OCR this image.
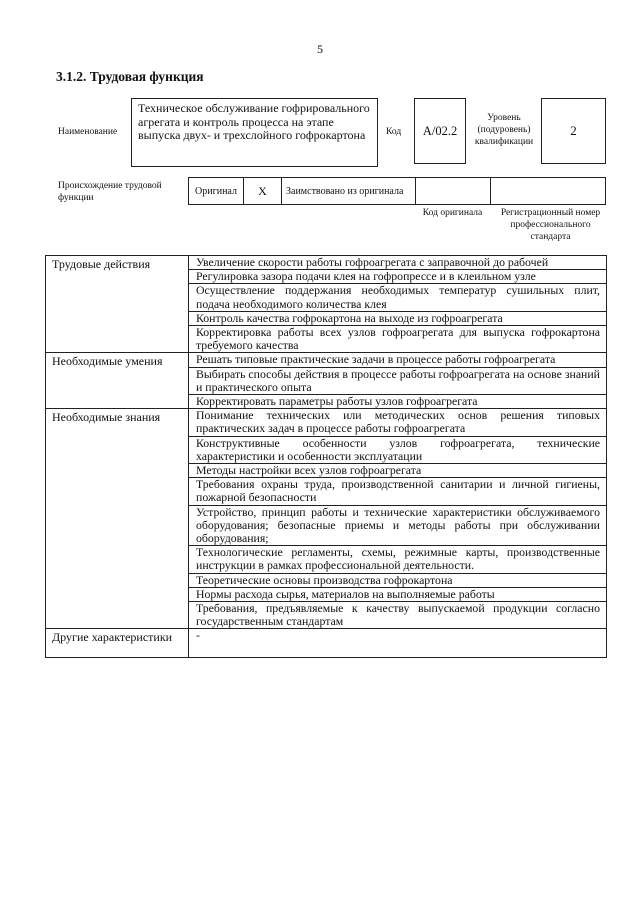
5
3.1.2. Трудовая функция
Наименование
Техническое обслуживание гофрировального агрегата и контроль процесса на этапе выпуска двух- и трехслойного гофрокартона	Код А/02.2
Уровень (подуровень) квалификации
2
Происхождение трудовой функции
Оригинал	X	Заимствовано из оригинала
Код оригинала	Регистрационный номер профессионального стандарта
Трудовые действия	Увеличение скорости работы гофроагрегата с заправочной до рабочей
Регулировка зазора подачи клея на гофропрессе и в клеильном узле
Осуществление поддержания необходимых температур сушильных плит, подача необходимого количества клея
Контроль качества гофрокартона на выходе из гофроагрегата
Корректировка работы всех узлов гофроагрегата для выпуска гофрокартона требуемого качества
Необходимые умения	Решать типовые практические задачи в процессе работы гофроагрегата
Выбирать способы действия в процессе работы гофроагрегата на основе знаний и практического опыта
Корректировать параметры работы узлов гофроагрегата
Необходимые знания	Понимание технических или методических основ решения типовых практических задач в процессе работы гофроагрегата
Конструктивные особенности узлов гофроагрегата, технические характеристики и особенности эксплуатации
Методы настройки всех узлов гофроагрегата
Требования охраны труда, производственной санитарии и личной гигиены, пожарной безопасности
Устройство, принцип работы и технические характеристики обслуживаемого оборудования; безопасные приемы и методы работы при обслуживании оборудования;
Технологические регламенты, схемы, режимные карты, производственные инструкции в рамках профессиональной деятельности.
Теоретические основы производства гофрокартона
Нормы расхода сырья, материалов на выполняемые работы
Требования, предъявляемые к качеству выпускаемой продукции согласно государственным стандартам
Другие характеристики	-
